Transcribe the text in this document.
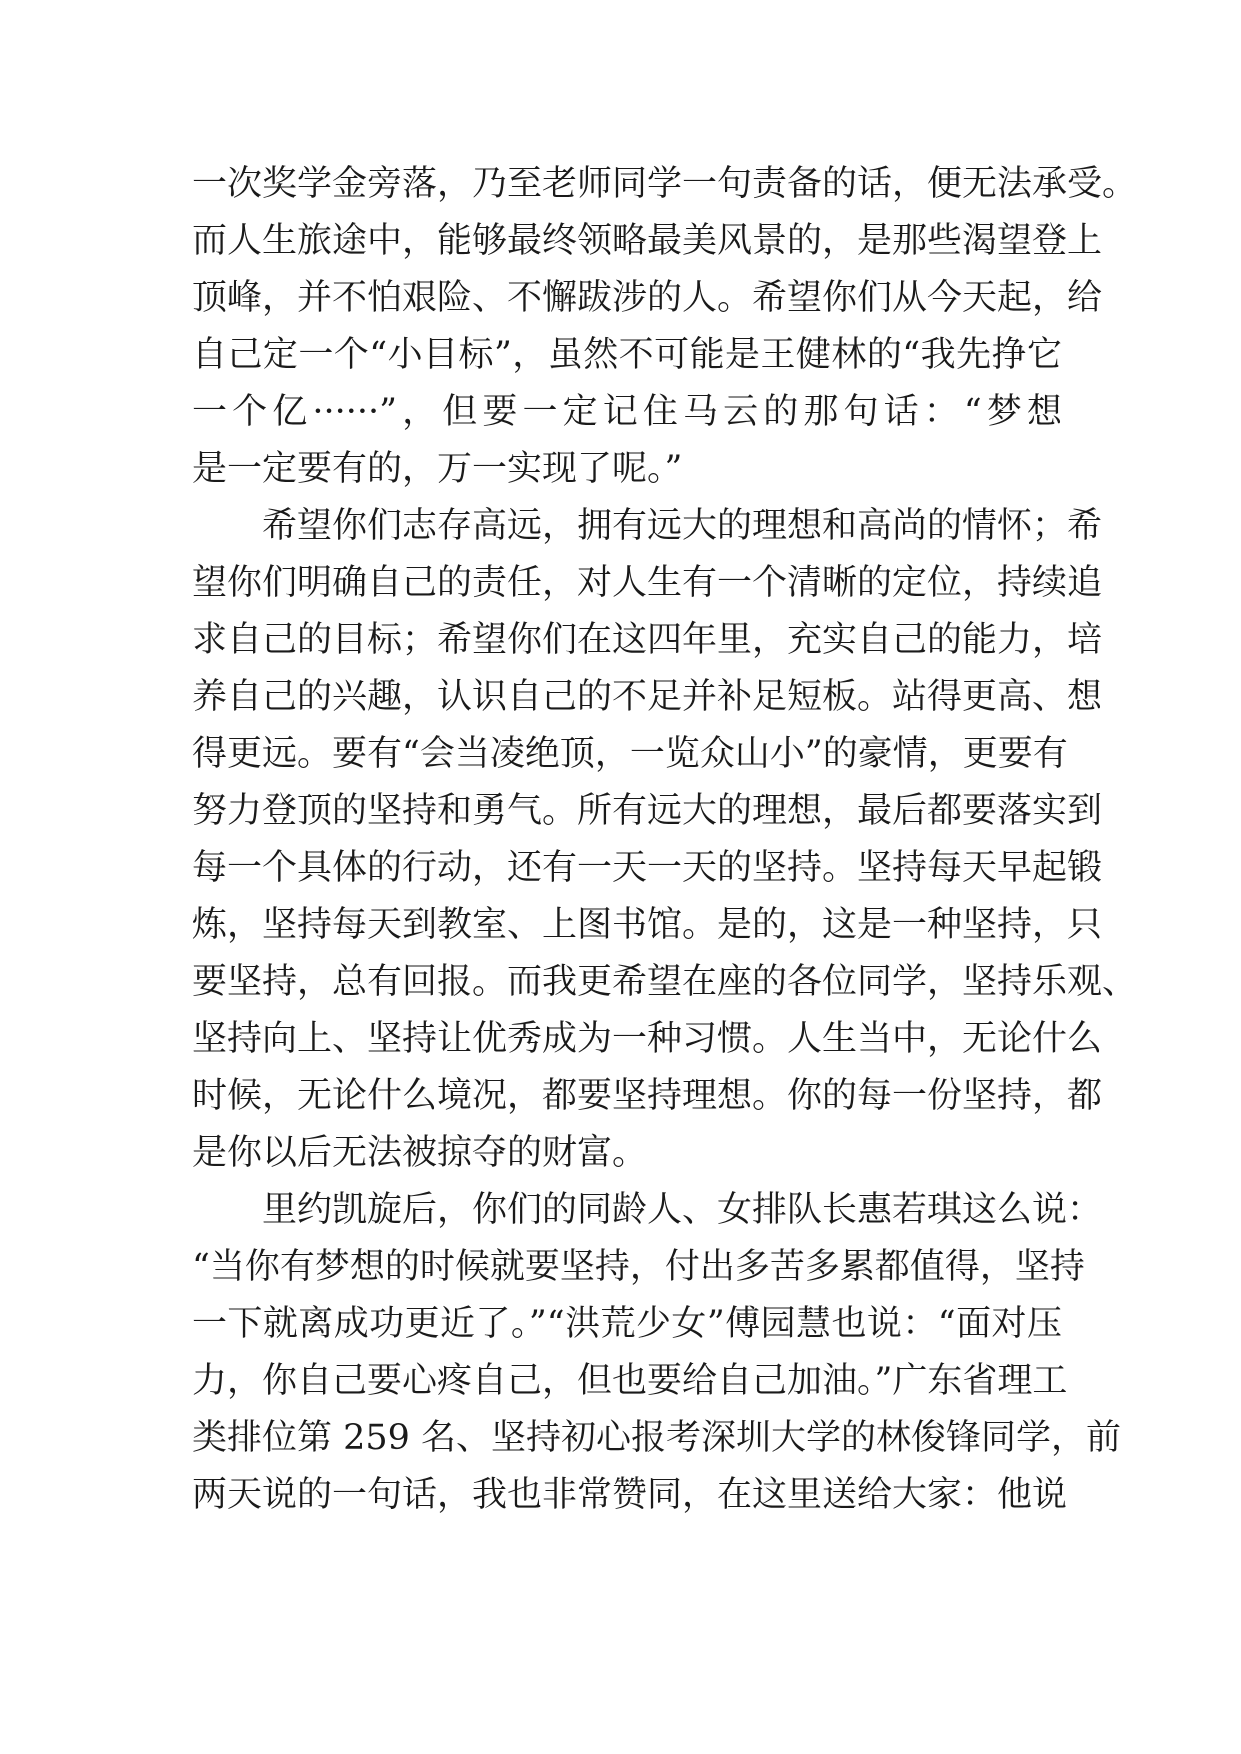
一次奖学金旁落，乃至老师同学一句责备的话，便无法承受。
而人生旅途中，能够最终领略最美风景的，是那些渴望登上
顶峰，并不怕艰险、不懈跋涉的人。希望你们从今天起，给
自己定一个“小目标”，虽然不可能是王健林的“我先挣它
一个亿······”，但要一定记住马云的那句话：“梦想
是一定要有的，万一实现了呢。”
希望你们志存高远，拥有远大的理想和高尚的情怀；希
望你们明确自己的责任，对人生有一个清晰的定位，持续追
求自己的目标；希望你们在这四年里，充实自己的能力，培
养自己的兴趣，认识自己的不足并补足短板。站得更高、想
得更远。要有“会当凌绝顶，一览众山小”的豪情，更要有
努力登顶的坚持和勇气。所有远大的理想，最后都要落实到
每一个具体的行动，还有一天一天的坚持。坚持每天早起锻
炼，坚持每天到教室、上图书馆。是的，这是一种坚持，只
要坚持，总有回报。而我更希望在座的各位同学，坚持乐观、
坚持向上、坚持让优秀成为一种习惯。人生当中，无论什么
时候，无论什么境况，都要坚持理想。你的每一份坚持，都
是你以后无法被掠夺的财富。
里约凯旋后，你们的同龄人、女排队长惠若琪这么说：
“当你有梦想的时候就要坚持，付出多苦多累都值得，坚持
一下就离成功更近了。”“洪荒少女”傅园慧也说：“面对压
力，你自己要心疼自己，但也要给自己加油。”广东省理工
类排位第 259 名、坚持初心报考深圳大学的林俊锋同学，前
两天说的一句话，我也非常赞同，在这里送给大家：他说
